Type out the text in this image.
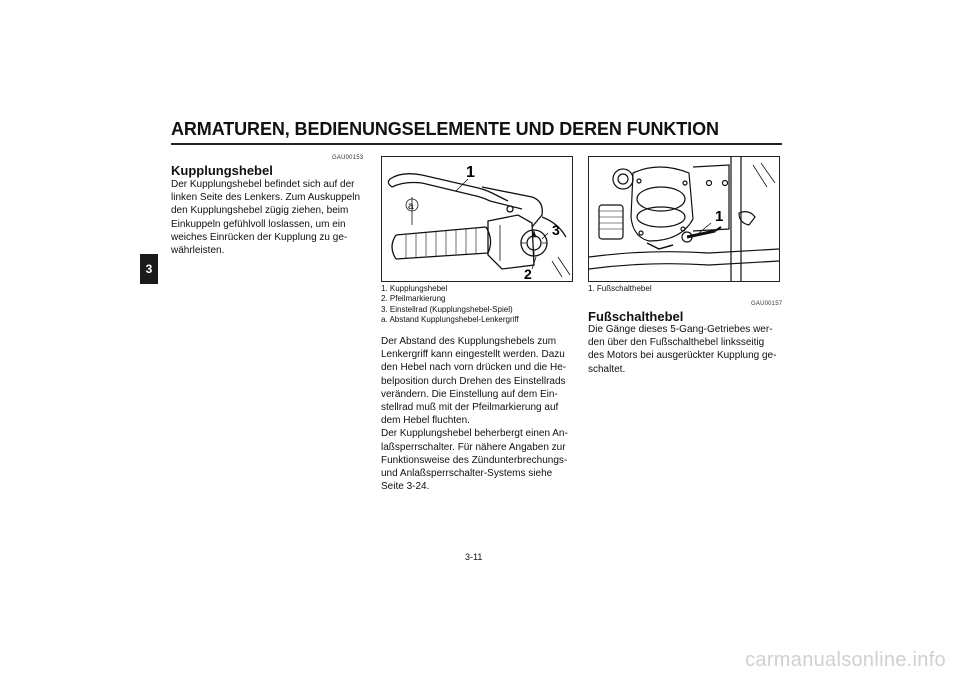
ARMATUREN, BEDIENUNGSELEMENTE UND DEREN FUNKTION
3
GAU00153
Kupplungshebel
Der Kupplungshebel befindet sich auf der
linken Seite des Lenkers. Zum Auskuppeln
den Kupplungshebel zügig ziehen, beim
Einkuppeln gefühlvoll loslassen, um ein
weiches Einrücken der Kupplung zu ge-
währleisten.
1
3
2
a
1. Kupplungshebel
2. Pfeilmarkierung
3. Einstellrad (Kupplungshebel-Spiel)
a. Abstand Kupplungshebel-Lenkergriff
Der Abstand des Kupplungshebels zum
Lenkergriff kann eingestellt werden. Dazu
den Hebel nach vorn drücken und die He-
belposition durch Drehen des Einstellrads
verändern. Die Einstellung auf dem Ein-
stellrad muß mit der Pfeilmarkierung auf
dem Hebel fluchten.
Der Kupplungshebel beherbergt einen An-
laßsperrschalter. Für nähere Angaben zur
Funktionsweise des Zündunterbrechungs-
und Anlaßsperrschalter-Systems siehe
Seite 3-24.
1
1. Fußschalthebel
GAU00157
Fußschalthebel
Die Gänge dieses 5-Gang-Getriebes wer-
den über den Fußschalthebel linksseitig
des Motors bei ausgerückter Kupplung ge-
schaltet.
3-11
carmanualsonline.info
